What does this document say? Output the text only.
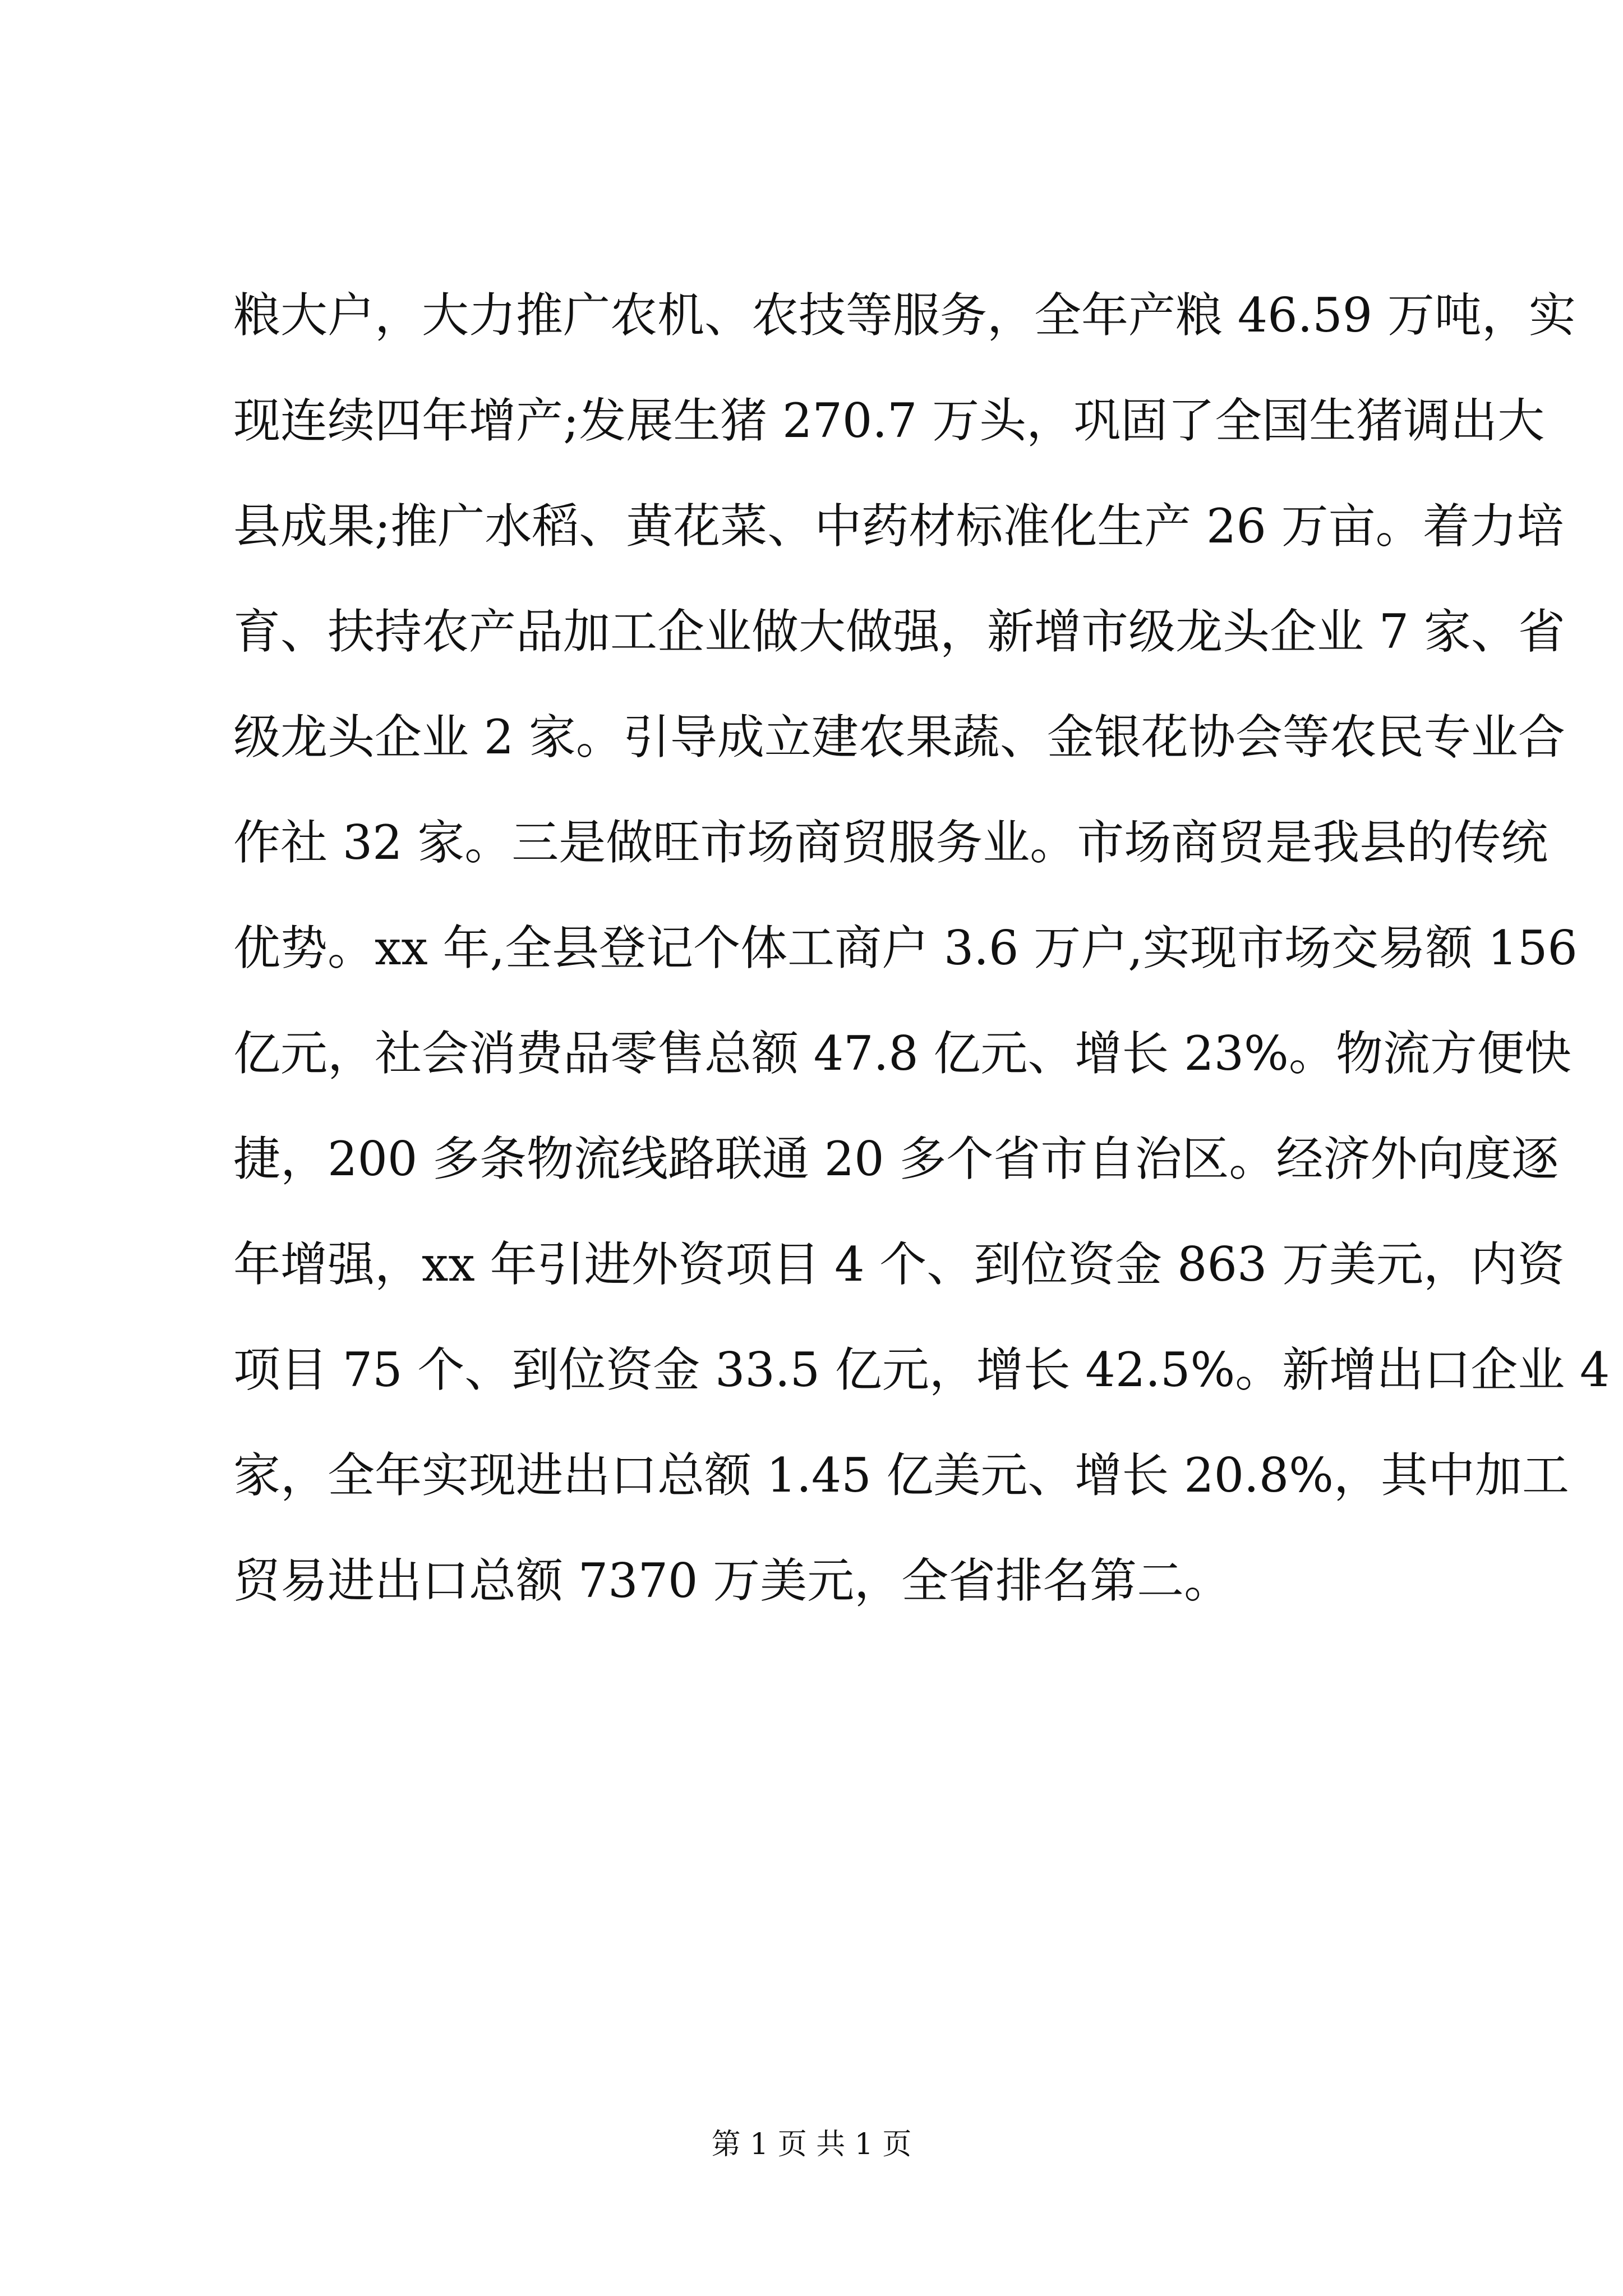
粮大户，大力推广农机、农技等服务，全年产粮 46.59 万吨，实
现连续四年增产;发展生猪 270.7 万头，巩固了全国生猪调出大
县成果;推广水稻、黄花菜、中药材标准化生产 26 万亩。着力培
育、扶持农产品加工企业做大做强，新增市级龙头企业 7 家、省
级龙头企业 2 家。引导成立建农果蔬、金银花协会等农民专业合
作社 32 家。三是做旺市场商贸服务业。市场商贸是我县的传统
优势。xx 年,全县登记个体工商户 3.6 万户,实现市场交易额 156
亿元，社会消费品零售总额 47.8 亿元、增长 23%。物流方便快
捷，200 多条物流线路联通 20 多个省市自治区。经济外向度逐
年增强，xx 年引进外资项目 4 个、到位资金 863 万美元，内资
项目 75 个、到位资金 33.5 亿元，增长 42.5%。新增出口企业 4
家，全年实现进出口总额 1.45 亿美元、增长 20.8%，其中加工
贸易进出口总额 7370 万美元，全省排名第二。
第 1 页 共 1 页
